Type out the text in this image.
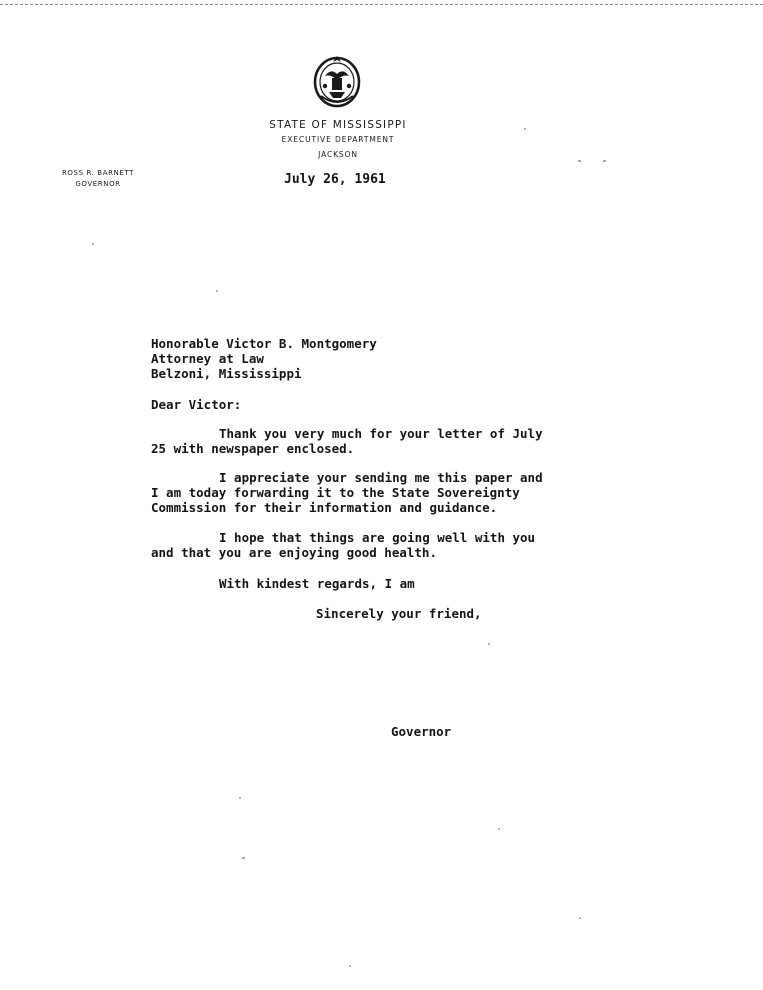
STATE OF MISSISSIPPI
EXECUTIVE DEPARTMENT
JACKSON
ROSS R. BARNETT
GOVERNOR	July 26, 1961
Honorable Victor B. Montgomery
Attorney at Law
Belzoni, Mississippi
Dear Victor:
Thank you very much for your letter of July
25 with newspaper enclosed.
I appreciate your sending me this paper and
I am today forwarding it to the State Sovereignty
Commission for their information and guidance.
I hope that things are going well with you
and that you are enjoying good health.
With kindest regards, I am
Sincerely your friend,
Governor
